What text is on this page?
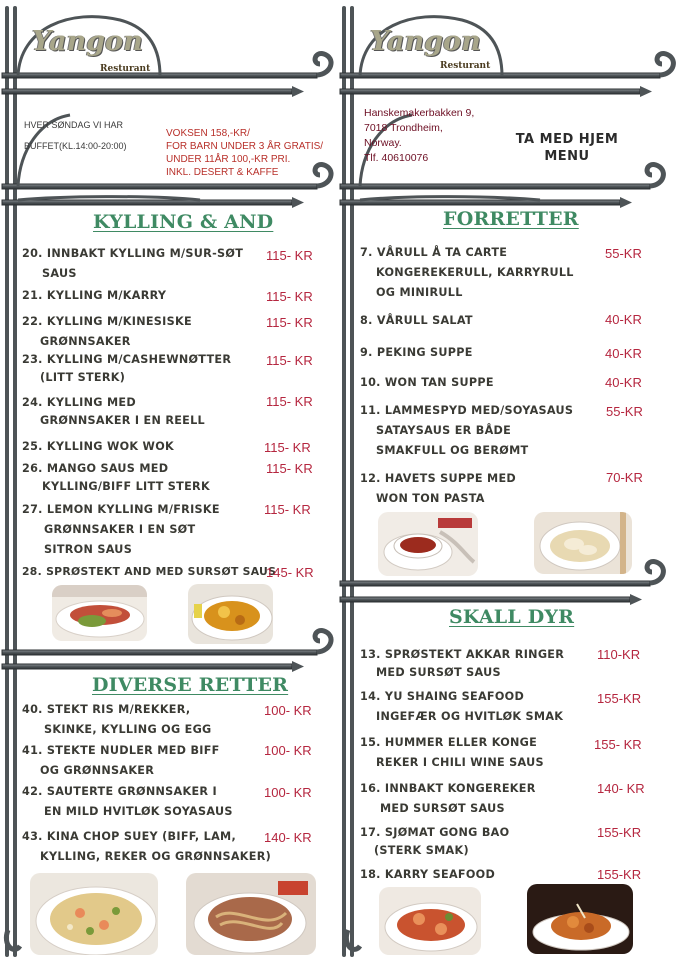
Yangon
Resturant
HVER SØNDAG VI HAR
BUFFET(KL.14:00-20:00)
VOKSEN 158,-KR/
FOR BARN UNDER 3 ÅR GRATIS/
UNDER 11ÅR 100,-KR PRI.
INKL. DESERT & KAFFE
KYLLING & AND
20. INNBAKT KYLLING M/SUR-SØT
SAUS
115- KR
21. KYLLING M/KARRY	115- KR
22. KYLLING M/KINESISKE
GRØNNSAKER
115- KR
23. KYLLING M/CASHEWNØTTER
(LITT STERK)
115- KR
24. KYLLING MED
GRØNNSAKER I EN REELL
115- KR
25. KYLLING WOK WOK	115- KR
26. MANGO SAUS MED
KYLLING/BIFF LITT STERK
115- KR
27. LEMON KYLLING M/FRISKE
GRØNNSAKER I EN SØT
SITRON SAUS
115- KR
28. SPRØSTEKT AND MED SURSØT SAUS
145- KR
DIVERSE RETTER
40. STEKT RIS M/REKKER,
SKINKE, KYLLING OG EGG
100- KR
41. STEKTE NUDLER MED BIFF
OG GRØNNSAKER
100- KR
42. SAUTERTE GRØNNSAKER I
EN MILD HVITLØK SOYASAUS
100- KR
43. KINA CHOP SUEY (BIFF, LAM,
KYLLING, REKER OG GRØNNSAKER)
140- KR
Yangon
Resturant
Hanskemakerbakken 9,
7018 Trondheim,
Norway.
Tlf. 40610076
TA MED HJEM
MENU
FORRETTER
7. VÅRULL Å TA CARTE
KONGEREKERULL, KARRYRULL
OG MINIRULL
55-KR
8. VÅRULL SALAT	40-KR
9. PEKING SUPPE	40-KR
10. WON TAN SUPPE	40-KR
11. LAMMESPYD MED/SOYASAUS
SATAYSAUS ER BÅDE
SMAKFULL OG BERØMT
55-KR
12. HAVETS SUPPE MED
WON TON PASTA
70-KR
SKALL DYR
13. SPRØSTEKT AKKAR RINGER
MED SURSØT SAUS
110-KR
14. YU SHAING SEAFOOD
INGEFÆR OG HVITLØK SMAK
155-KR
15. HUMMER ELLER KONGE
REKER I CHILI WINE SAUS
155- KR
16. INNBAKT KONGEREKER
MED SURSØT SAUS
140- KR
17. SJØMAT GONG BAO
(STERK SMAK)
155-KR
18. KARRY SEAFOOD	155-KR
